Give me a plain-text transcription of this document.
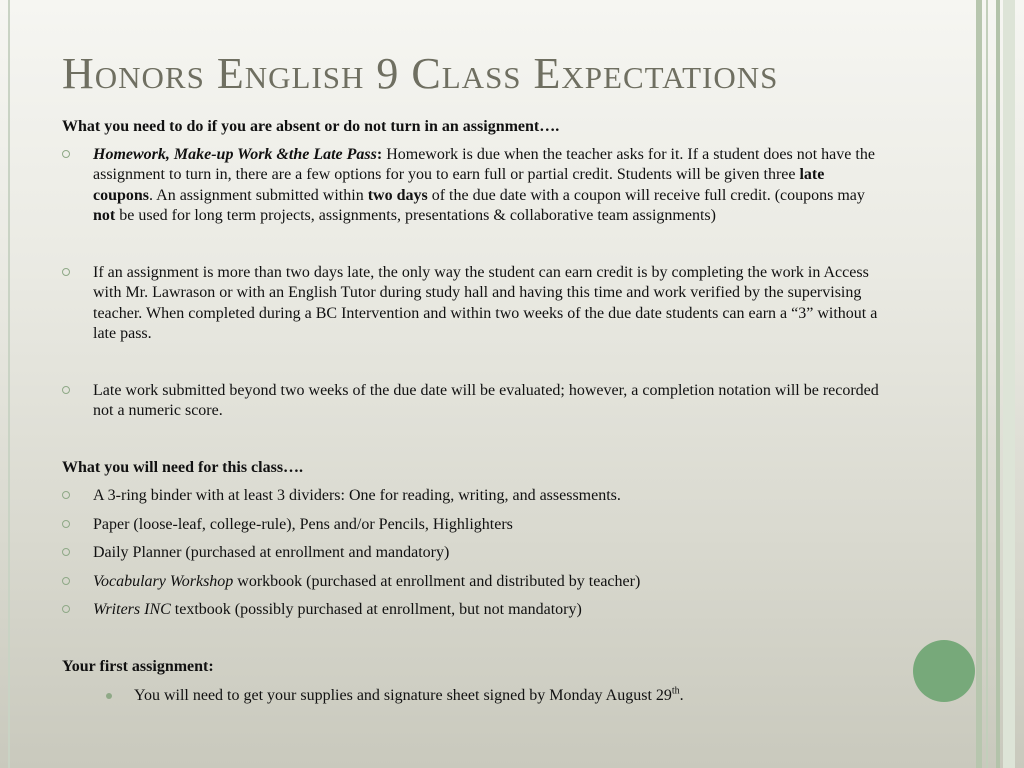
Honors English 9 Class Expectations
What you need to do if you are absent or do not turn in an assignment….
Homework, Make-up Work &the Late Pass: Homework is due when the teacher asks for it. If a student does not have the assignment to turn in, there are a few options for you to earn full or partial credit. Students will be given three late coupons. An assignment submitted within two days of the due date with a coupon will receive full credit. (coupons may not be used for long term projects, assignments, presentations & collaborative team assignments)
If an assignment is more than two days late, the only way the student can earn credit is by completing the work in Access with Mr. Lawrason or with an English Tutor during study hall and having this time and work verified by the supervising teacher. When completed during a BC Intervention and within two weeks of the due date students can earn a “3” without a late pass.
Late work submitted beyond two weeks of the due date will be evaluated; however, a completion notation will be recorded not a numeric score.
What you will need for this class….
A 3-ring binder with at least 3 dividers: One for reading, writing, and assessments.
Paper (loose-leaf, college-rule), Pens and/or Pencils, Highlighters
Daily Planner (purchased at enrollment and mandatory)
Vocabulary Workshop workbook (purchased at enrollment and distributed by teacher)
Writers INC textbook (possibly purchased at enrollment, but not mandatory)
Your first assignment:
You will need to get your supplies and signature sheet signed by Monday August 29th.
